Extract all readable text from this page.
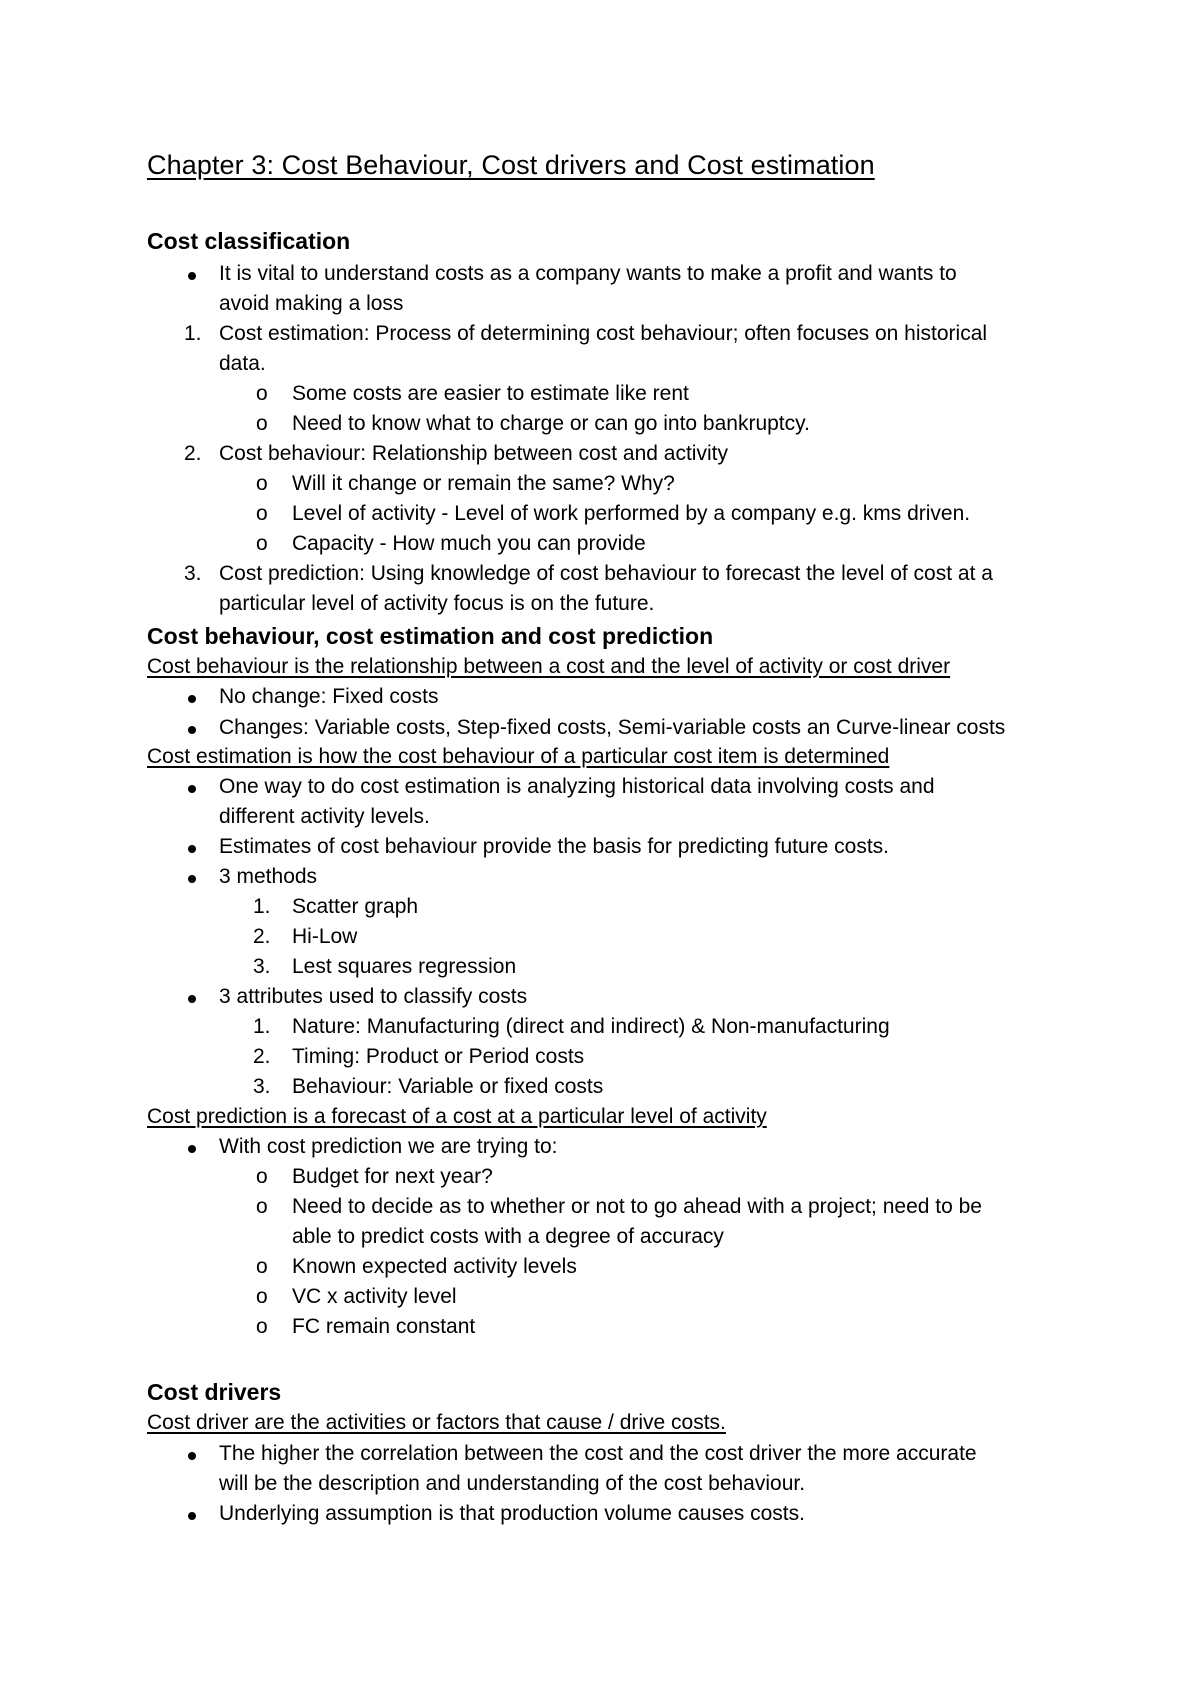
Chapter 3: Cost Behaviour, Cost drivers and Cost estimation
Cost classification
It is vital to understand costs as a company wants to make a profit and wants to
avoid making a loss
1. Cost estimation: Process of determining cost behaviour; often focuses on historical
data.
o Some costs are easier to estimate like rent
o Need to know what to charge or can go into bankruptcy.
2. Cost behaviour: Relationship between cost and activity
o Will it change or remain the same? Why?
o Level of activity - Level of work performed by a company e.g. kms driven.
o Capacity - How much you can provide
3. Cost prediction: Using knowledge of cost behaviour to forecast the level of cost at a
particular level of activity focus is on the future.
Cost behaviour, cost estimation and cost prediction
Cost behaviour is the relationship between a cost and the level of activity or cost driver
No change: Fixed costs
Changes: Variable costs, Step-fixed costs, Semi-variable costs an Curve-linear costs
Cost estimation is how the cost behaviour of a particular cost item is determined
One way to do cost estimation is analyzing historical data involving costs and
different activity levels.
Estimates of cost behaviour provide the basis for predicting future costs.
3 methods
1. Scatter graph
2. Hi-Low
3. Lest squares regression
3 attributes used to classify costs
1. Nature: Manufacturing (direct and indirect) & Non-manufacturing
2. Timing: Product or Period costs
3. Behaviour: Variable or fixed costs
Cost prediction is a forecast of a cost at a particular level of activity
With cost prediction we are trying to:
o Budget for next year?
o Need to decide as to whether or not to go ahead with a project; need to be
able to predict costs with a degree of accuracy
o Known expected activity levels
o VC x activity level
o FC remain constant
Cost drivers
Cost driver are the activities or factors that cause / drive costs.
The higher the correlation between the cost and the cost driver the more accurate
will be the description and understanding of the cost behaviour.
Underlying assumption is that production volume causes costs.
